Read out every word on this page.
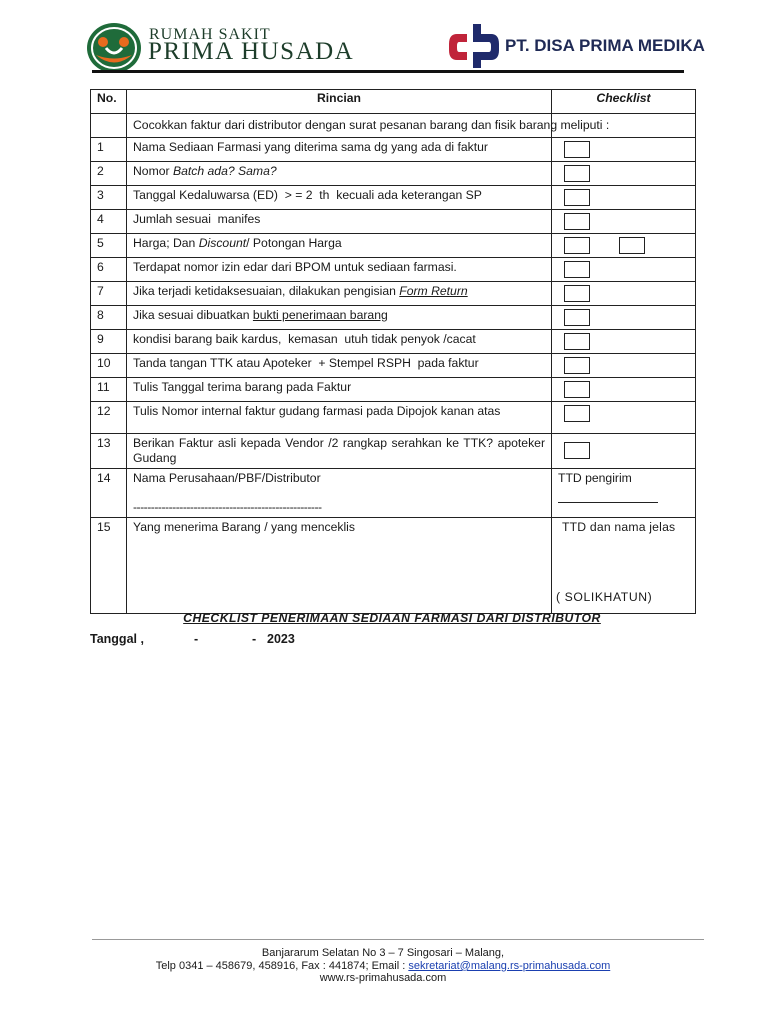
RUMAH SAKIT
PRIMA HUSADA	PT. DISA PRIMA MEDIKA
No.	Rincian	Checklist
	Cocokkan faktur dari distributor dengan surat pesanan barang dan fisik barang meliputi :	
1	Nama Sediaan Farmasi yang diterima sama dg yang ada di faktur	

2	Nomor Batch ada? Sama?	

3	Tanggal Kedaluwarsa (ED)  > = 2  th  kecuali ada keterangan SP	

4	Jumlah sesuai  manifes	

5	Harga; Dan Discount/ Potongan Harga	

6	Terdapat nomor izin edar dari BPOM untuk sediaan farmasi.	

7	Jika terjadi ketidaksesuaian, dilakukan pengisian Form Return	

8	Jika sesuai dibuatkan bukti penerimaan barang	

9	kondisi barang baik kardus,  kemasan  utuh tidak penyok /cacat	

10	Tanda tangan TTK atau Apoteker  + Stempel RSPH  pada faktur	

11	Tulis Tanggal terima barang pada Faktur	

12	Tulis Nomor internal faktur gudang farmasi pada Dipojok kanan atas	

13	Berikan Faktur asli kepada Vendor /2 rangkap serahkan ke TTK? apoteker Gudang	

14	Nama Perusahaan/PBF/Distributor
-----------------------------------------------------	TTD pengirim

15	Yang menerima Barang / yang menceklis	TTD dan nama jelas
( SOLIKHATUN)
CHECKLIST PENERIMAAN SEDIAAN FARMASI DARI DISTRIBUTOR
Tanggal ,	-	- 2023
Banjararum Selatan No 3 – 7 Singosari – Malang,
Telp 0341 – 458679, 458916, Fax : 441874; Email : sekretariat@malang.rs-primahusada.com
www.rs-primahusada.com
